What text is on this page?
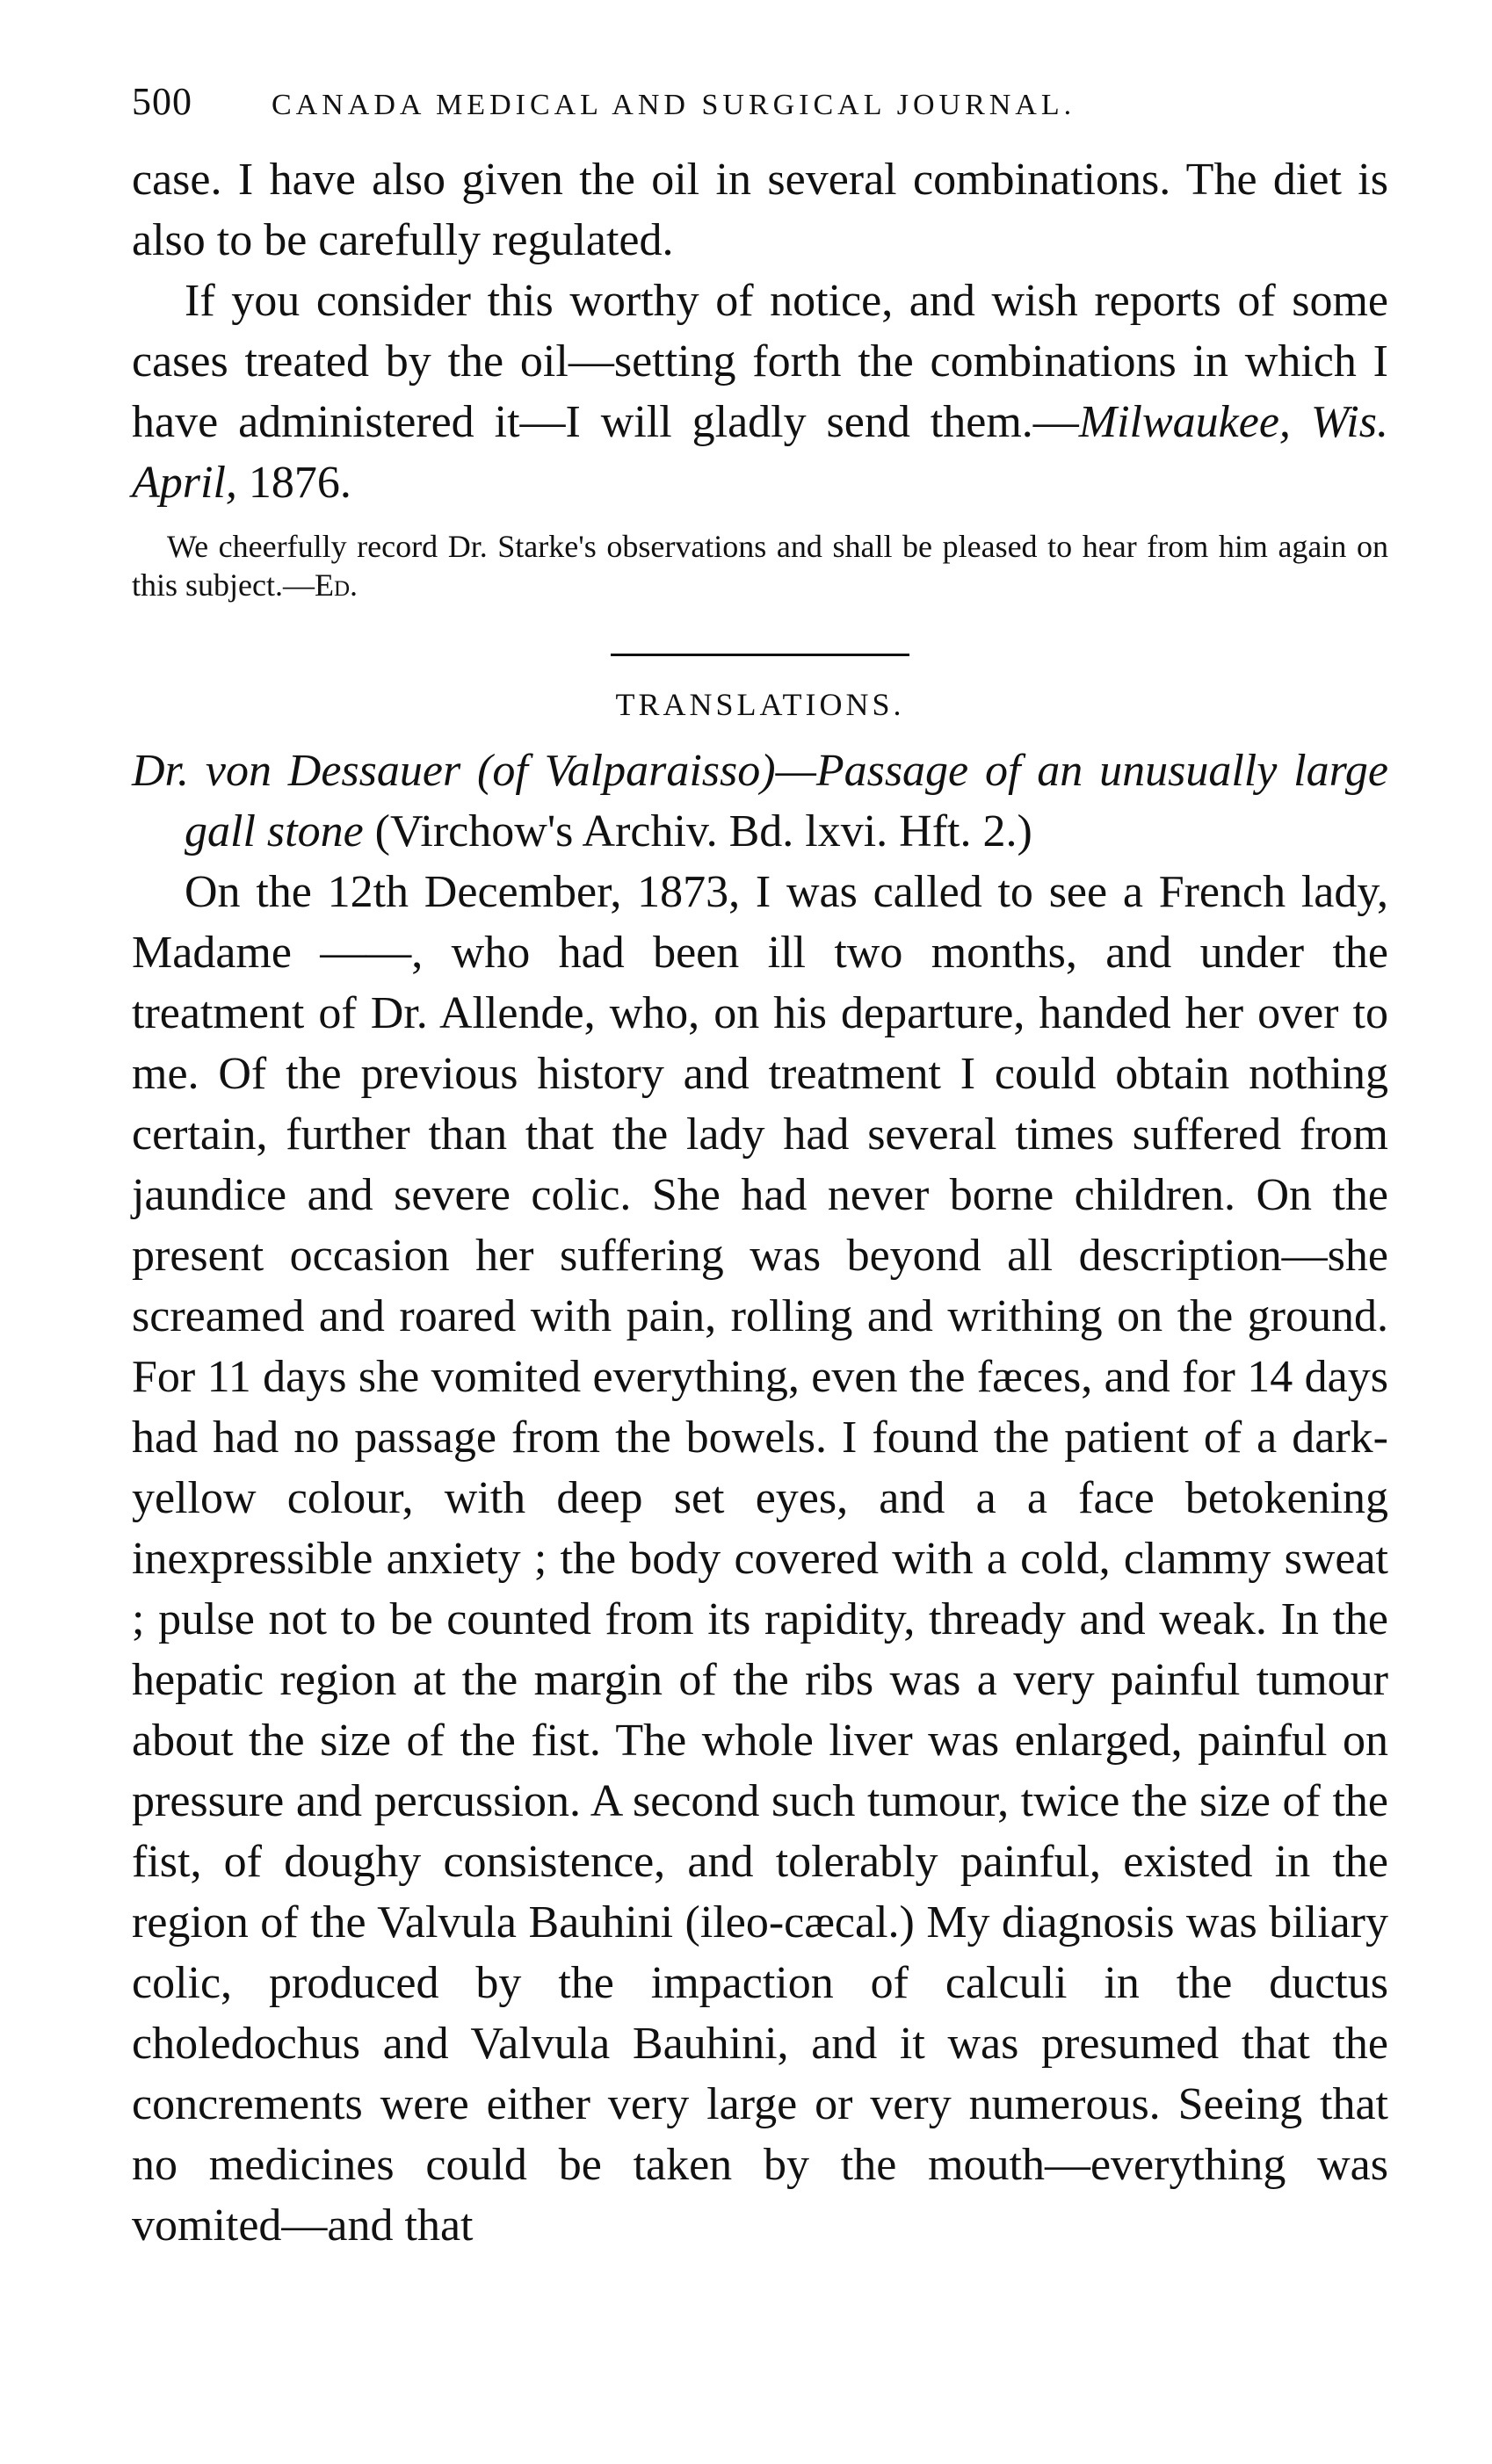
500	CANADA MEDICAL AND SURGICAL JOURNAL.

case. I have also given the oil in several combinations. The diet is also to be carefully regulated.

If you consider this worthy of notice, and wish reports of some cases treated by the oil—setting forth the combinations in which I have administered it—I will gladly send them.—Milwaukee, Wis. April, 1876.

We cheerfully record Dr. Starke's observations and shall be pleased to hear from him again on this subject.—Ed.

TRANSLATIONS.
Dr. von Dessauer (of Valparaisso)—Passage of an unusually large gall stone (Virchow's Archiv. Bd. lxvi. Hft. 2.)

On the 12th December, 1873, I was called to see a French lady, Madame ——, who had been ill two months, and under the treatment of Dr. Allende, who, on his departure, handed her over to me. Of the previous history and treatment I could obtain nothing certain, further than that the lady had several times suffered from jaundice and severe colic. She had never borne children. On the present occasion her suffering was beyond all description—she screamed and roared with pain, rolling and writhing on the ground. For 11 days she vomited everything, even the fæces, and for 14 days had had no passage from the bowels. I found the patient of a dark-yellow colour, with deep set eyes, and a a face betokening inexpressible anxiety ; the body covered with a cold, clammy sweat ; pulse not to be counted from its rapidity, thready and weak. In the hepatic region at the margin of the ribs was a very painful tumour about the size of the fist. The whole liver was enlarged, painful on pressure and percussion. A second such tumour, twice the size of the fist, of doughy consistence, and tolerably painful, existed in the region of the Valvula Bauhini (ileo-cæcal.) My diagnosis was biliary colic, produced by the impaction of calculi in the ductus choledochus and Valvula Bauhini, and it was presumed that the concrements were either very large or very numerous. Seeing that no medicines could be taken by the mouth—everything was vomited—and that
